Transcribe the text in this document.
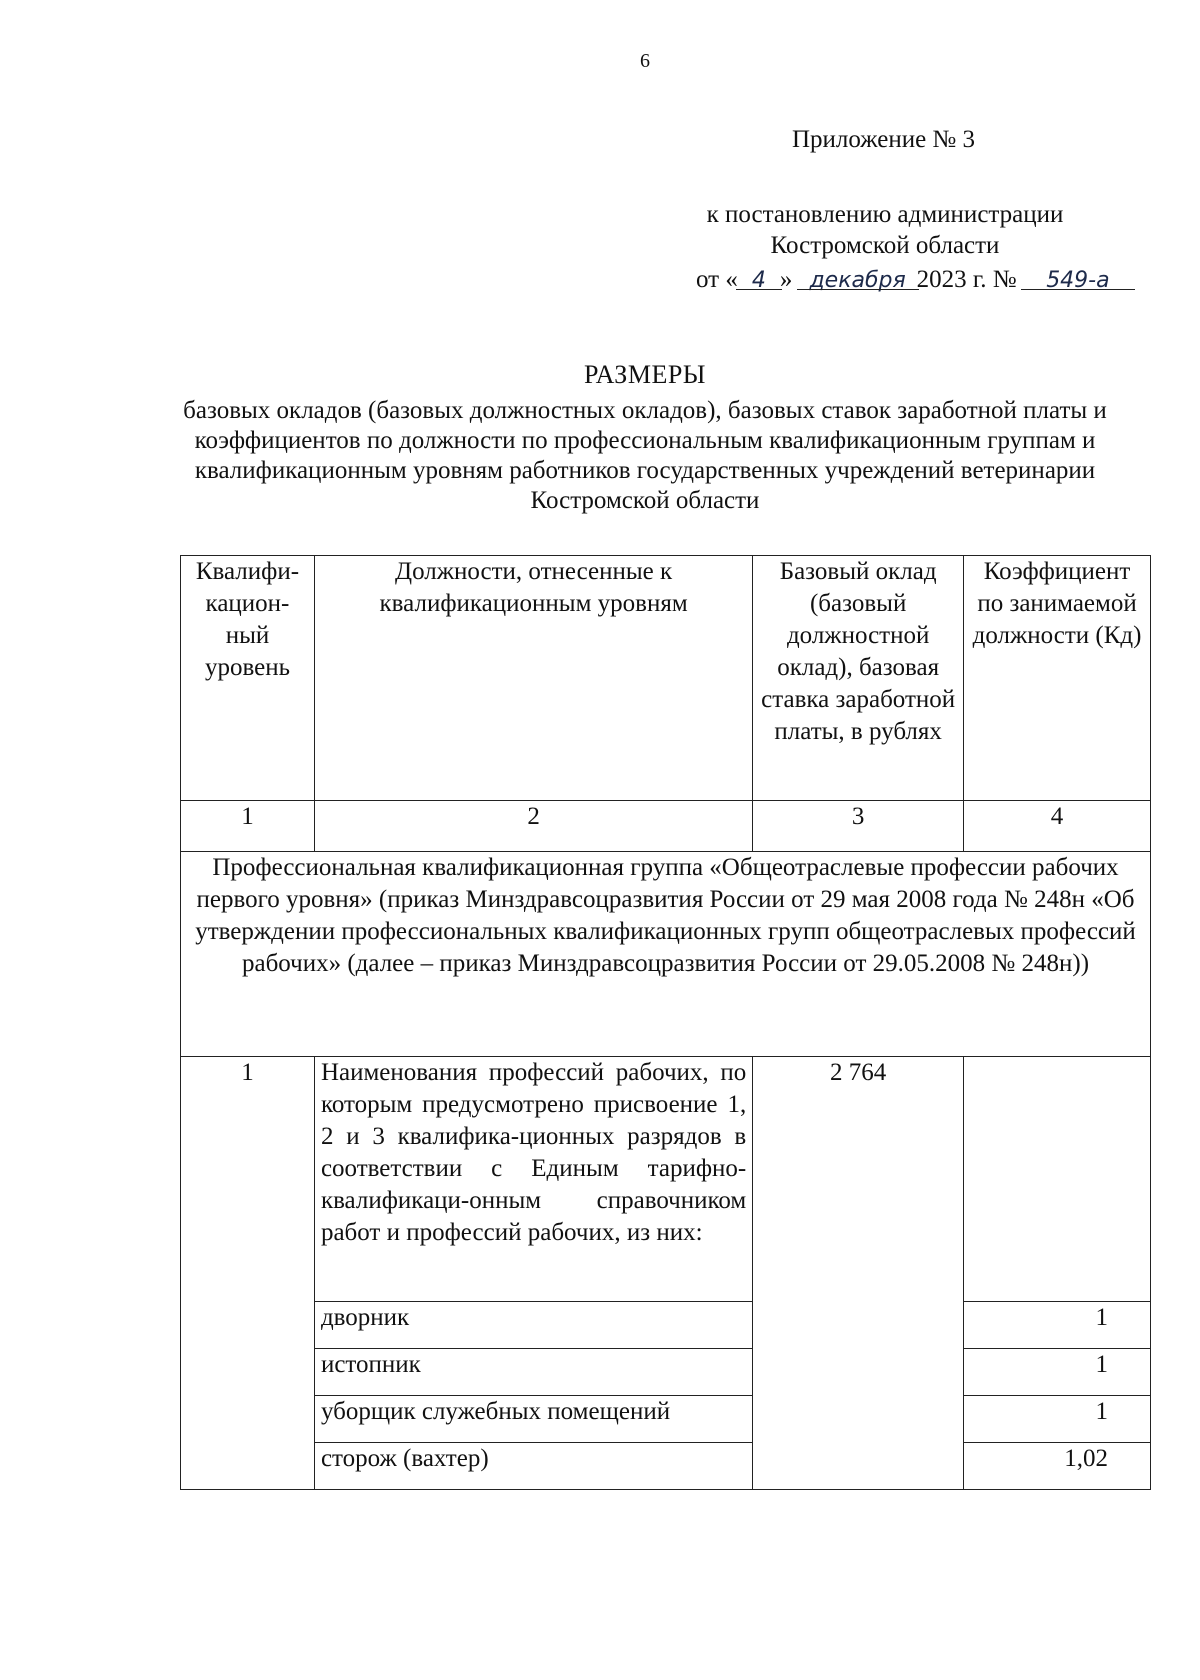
6
Приложение № 3
к постановлению администрации
Костромской области
от « 4 » декабря 2023 г. № 549-а
РАЗМЕРЫ
базовых окладов (базовых должностных окладов), базовых ставок заработной платы и коэффициентов по должности по профессиональным квалификационным группам и квалификационным уровням работников государственных учреждений ветеринарии Костромской области
Квалифи-кацион-ный уровень	Должности, отнесенные к квалификационным уровням	Базовый оклад (базовый должностной оклад), базовая ставка заработной платы, в рублях	Коэффициент по занимаемой должности (Кд)
1	2	3	4
Профессиональная квалификационная группа «Общеотраслевые профессии рабочих первого уровня» (приказ Минздравсоцразвития России от 29 мая 2008 года № 248н «Об утверждении профессиональных квалификационных групп общеотраслевых профессий рабочих» (далее – приказ Минздравсоцразвития России от 29.05.2008 № 248н))			
1	Наименования профессий рабочих, по которым предусмотрено присвоение 1, 2 и 3 квалифика-ционных разрядов в соответствии с Единым тарифно-квалификаци-онным справочником работ и профессий рабочих, из них:	2 764	
	дворник		1
	истопник		1
	уборщик служебных помещений		1
	сторож (вахтер)		1,02
